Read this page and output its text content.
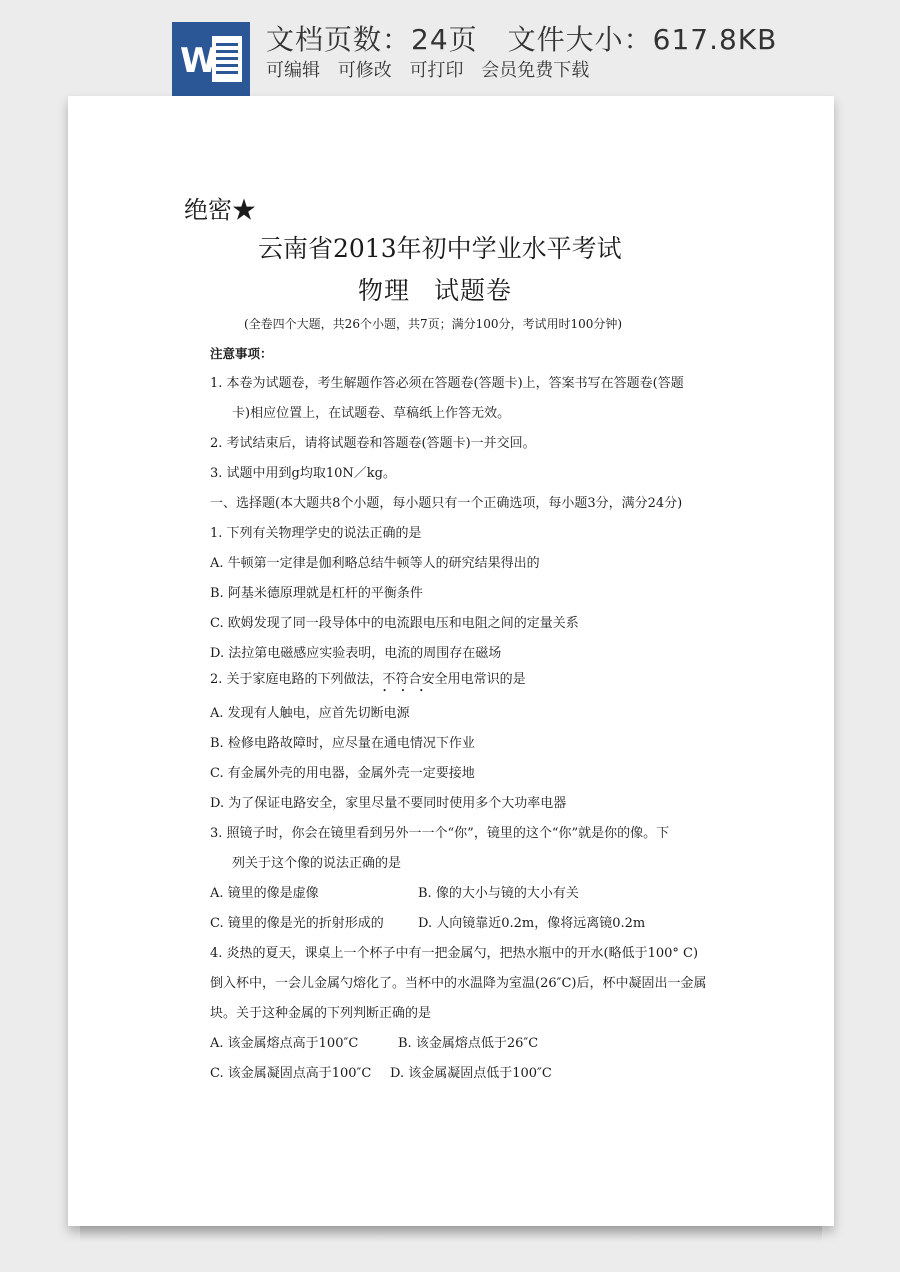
W
文档页数：24页 文件大小：617.8KB
可编辑 可修改 可打印 会员免费下载
绝密★
云南省2013年初中学业水平考试
物理 试题卷
(全卷四个大题，共26个小题，共7页；满分100分，考试用时100分钟)
注意事项：
1. 本卷为试题卷，考生解题作答必须在答题卷(答题卡)上，答案书写在答题卷(答题
卡)相应位置上，在试题卷、草稿纸上作答无效。
2. 考试结束后，请将试题卷和答题卷(答题卡)一并交回。
3. 试题中用到g均取10N／kg。
一、选择题(本大题共8个小题，每小题只有一个正确选项，每小题3分，满分24分)
1. 下列有关物理学史的说法正确的是
A. 牛顿第一定律是伽利略总结牛顿等人的研究结果得出的
B. 阿基米德原理就是杠杆的平衡条件
C. 欧姆发现了同一段导体中的电流跟电压和电阻之间的定量关系
D. 法拉第电磁感应实验表明，电流的周围存在磁场
2. 关于家庭电路的下列做法，不符合 • • •安全用电常识的是
A. 发现有人触电，应首先切断电源
B. 检修电路故障时，应尽量在通电情况下作业
C. 有金属外壳的用电器，金属外壳一定要接地
D. 为了保证电路安全，家里尽量不要同时使用多个大功率电器
3. 照镜子时，你会在镜里看到另外一一个“你”，镜里的这个“你”就是你的像。下
列关于这个像的说法正确的是
A. 镜里的像是虚像	B. 像的大小与镜的大小有关
C. 镜里的像是光的折射形成的	D. 人向镜靠近0.2m，像将远离镜0.2m
4. 炎热的夏天，课桌上一个杯子中有一把金属勺，把热水瓶中的开水(略低于100° C)
倒入杯中，一会儿金属勺熔化了。当杯中的水温降为室温(26″C)后，杯中凝固出一金属
块。关于这种金属的下列判断正确的是
A. 该金属熔点高于100″C	B. 该金属熔点低于26″C
C. 该金属凝固点高于100″C D. 该金属凝固点低于100″C
